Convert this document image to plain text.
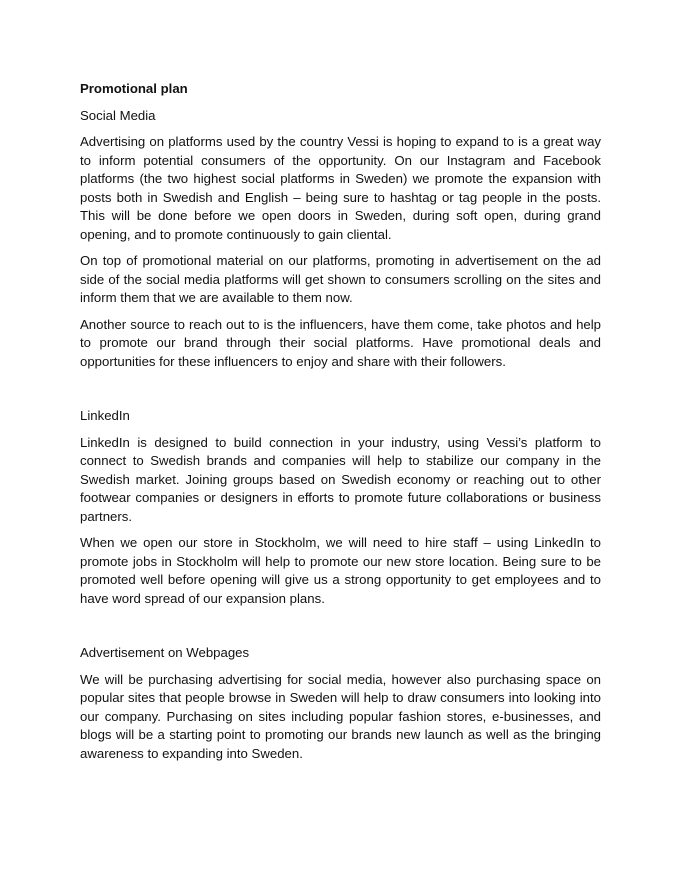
Promotional plan
Social Media

Advertising on platforms used by the country Vessi is hoping to expand to is a great way to inform potential consumers of the opportunity. On our Instagram and Facebook platforms (the two highest social platforms in Sweden) we promote the expansion with posts both in Swedish and English – being sure to hashtag or tag people in the posts. This will be done before we open doors in Sweden, during soft open, during grand opening, and to promote continuously to gain cliental.

On top of promotional material on our platforms, promoting in advertisement on the ad side of the social media platforms will get shown to consumers scrolling on the sites and inform them that we are available to them now.

Another source to reach out to is the influencers, have them come, take photos and help to promote our brand through their social platforms. Have promotional deals and opportunities for these influencers to enjoy and share with their followers.

LinkedIn

LinkedIn is designed to build connection in your industry, using Vessi’s platform to connect to Swedish brands and companies will help to stabilize our company in the Swedish market. Joining groups based on Swedish economy or reaching out to other footwear companies or designers in efforts to promote future collaborations or business partners.

When we open our store in Stockholm, we will need to hire staff – using LinkedIn to promote jobs in Stockholm will help to promote our new store location. Being sure to be promoted well before opening will give us a strong opportunity to get employees and to have word spread of our expansion plans.

Advertisement on Webpages

We will be purchasing advertising for social media, however also purchasing space on popular sites that people browse in Sweden will help to draw consumers into looking into our company. Purchasing on sites including popular fashion stores, e-businesses, and blogs will be a starting point to promoting our brands new launch as well as the bringing awareness to expanding into Sweden.
